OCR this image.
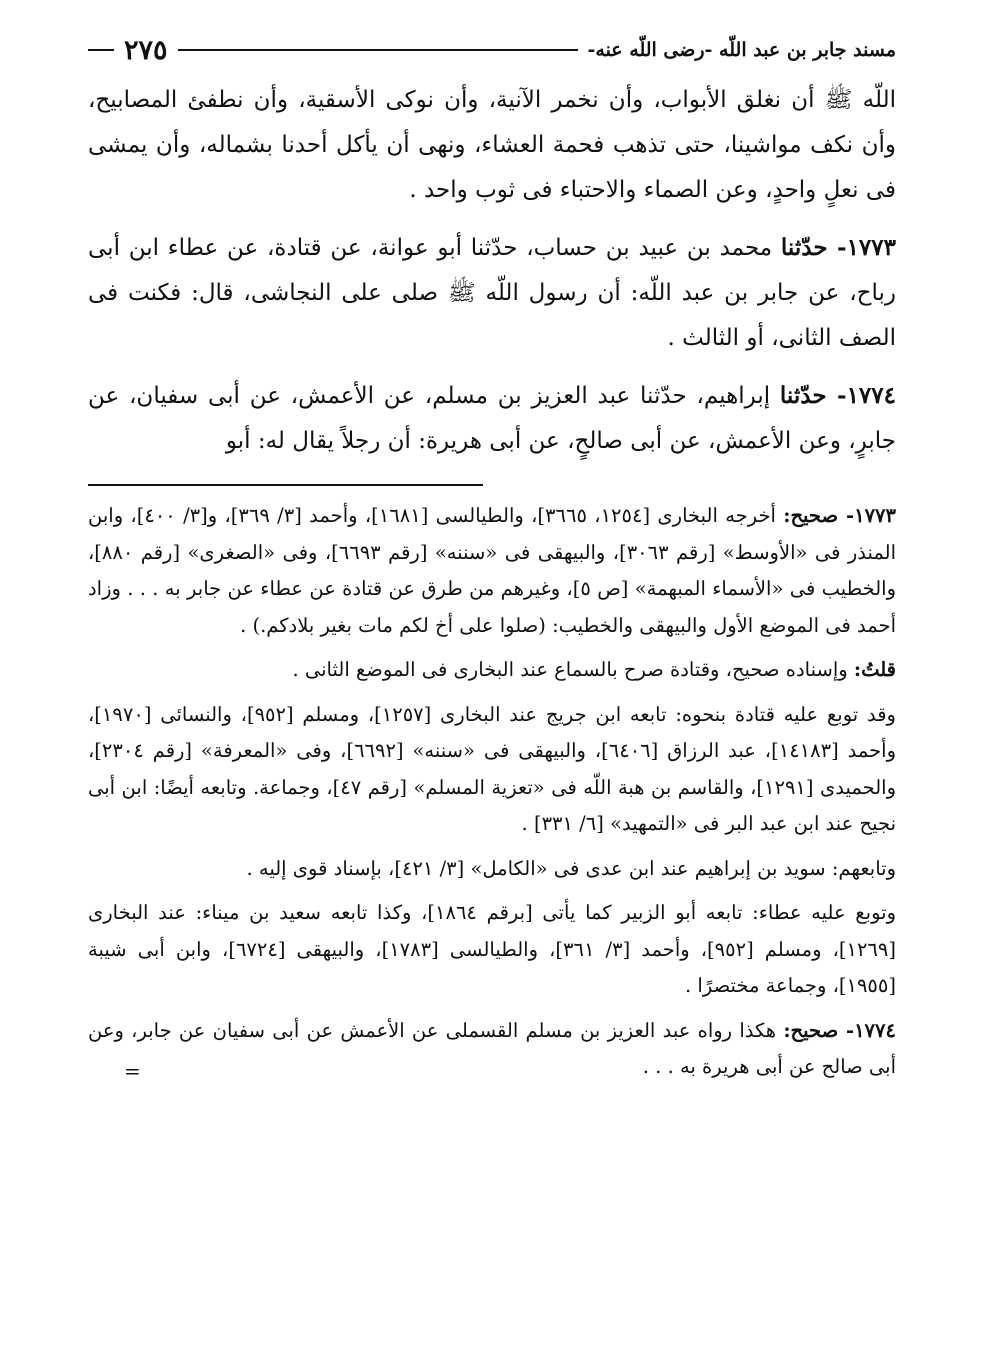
مسند جابر بن عبد اللّه -رضى اللّه عنه-
٢٧٥

اللّه ﷺ أن نغلق الأبواب، وأن نخمر الآنية، وأن نوكى الأسقية، وأن نطفئ المصابيح، وأن نكف مواشينا، حتى تذهب فحمة العشاء، ونهى أن يأكل أحدنا بشماله، وأن يمشى فى نعلٍ واحدٍ، وعن الصماء والاحتباء فى ثوب واحد .

١٧٧٣- حدّثنا محمد بن عبيد بن حساب، حدّثنا أبو عوانة، عن قتادة، عن عطاء ابن أبى رباح، عن جابر بن عبد اللّه: أن رسول اللّه ﷺ صلى على النجاشى، قال: فكنت فى الصف الثانى، أو الثالث .

١٧٧٤- حدّثنا إبراهيم، حدّثنا عبد العزيز بن مسلم، عن الأعمش، عن أبى سفيان، عن جابرٍ، وعن الأعمش، عن أبى صالحٍ، عن أبى هريرة: أن رجلاً يقال له: أبو

١٧٧٣- صحيح: أخرجه البخارى [١٢٥٤، ٣٦٦٥]، والطيالسى [١٦٨١]، وأحمد [٣/ ٣٦٩]، و[٣/ ٤٠٠]، وابن المنذر فى «الأوسط» [رقم ٣٠٦٣]، والبيهقى فى «سننه» [رقم ٦٦٩٣]، وفى «الصغرى» [رقم ٨٨٠]، والخطيب فى «الأسماء المبهمة» [ص ٥]، وغيرهم من طرق عن قتادة عن عطاء عن جابر به . . . وزاد أحمد فى الموضع الأول والبيهقى والخطيب: (صلوا على أخ لكم مات بغير بلادكم.) .

قلتُ: وإسناده صحيح، وقتادة صرح بالسماع عند البخارى فى الموضع الثانى .

وقد توبع عليه قتادة بنحوه: تابعه ابن جريج عند البخارى [١٢٥٧]، ومسلم [٩٥٢]، والنسائى [١٩٧٠]، وأحمد [١٤١٨٣]، عبد الرزاق [٦٤٠٦]، والبيهقى فى «سننه» [٦٦٩٢]، وفى «المعرفة» [رقم ٢٣٠٤]، والحميدى [١٢٩١]، والقاسم بن هبة اللّه فى «تعزية المسلم» [رقم ٤٧]، وجماعة. وتابعه أيضًا: ابن أبى نجيح عند ابن عبد البر فى «التمهيد» [٦/ ٣٣١] .

وتابعهم: سويد بن إبراهيم عند ابن عدى فى «الكامل» [٣/ ٤٢١]، بإسناد قوى إليه .

وتوبع عليه عطاء: تابعه أبو الزبير كما يأتى [برقم ١٨٦٤]، وكذا تابعه سعيد بن ميناء: عند البخارى [١٢٦٩]، ومسلم [٩٥٢]، وأحمد [٣/ ٣٦١]، والطيالسى [١٧٨٣]، والبيهقى [٦٧٢٤]، وابن أبى شيبة [١٩٥٥]، وجماعة مختصرًا .

١٧٧٤- صحيح: هكذا رواه عبد العزيز بن مسلم القسملى عن الأعمش عن أبى سفيان عن جابر، وعن أبى صالح عن أبى هريرة به . . .
=
